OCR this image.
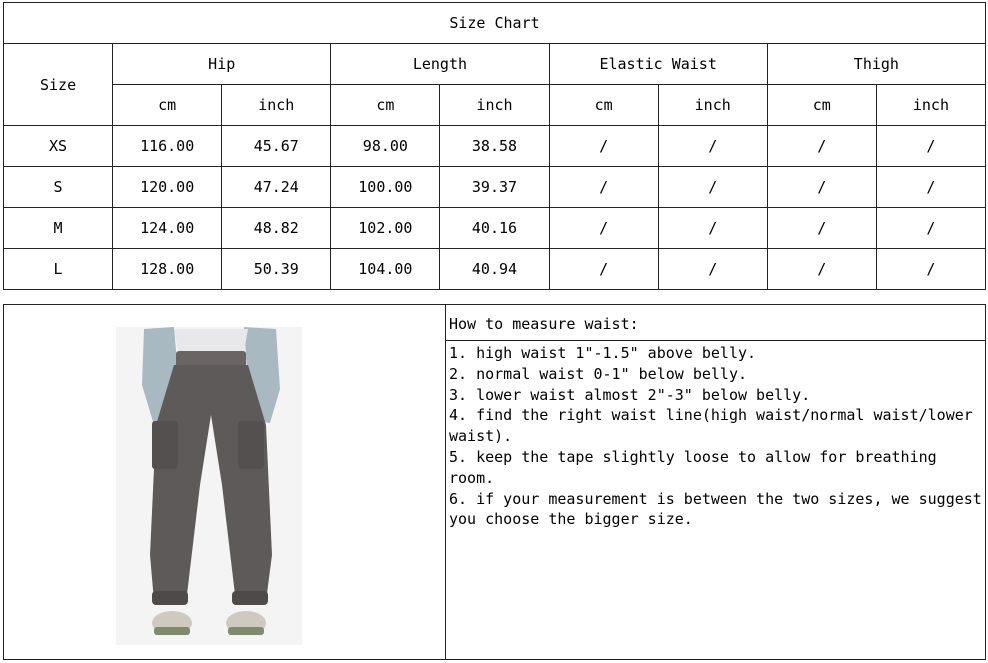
Size Chart								
Size	Hip		Length		Elastic Waist		Thigh	
	cm	inch	cm	inch	cm	inch	cm	inch
XS	116.00	45.67	98.00	38.58	/	/	/	/
S	120.00	47.24	100.00	39.37	/	/	/	/
M	124.00	48.82	102.00	40.16	/	/	/	/
L	128.00	50.39	104.00	40.94	/	/	/	/
How to measure waist:
1. high waist 1"-1.5" above belly.
2. normal waist 0-1" below belly.
3. lower waist almost 2"-3" below belly.
4. find the right waist line(high waist/normal waist/lower waist).
5. keep the tape slightly loose to allow for breathing room.
6. if your measurement is between the two sizes, we suggest you choose the bigger size.
